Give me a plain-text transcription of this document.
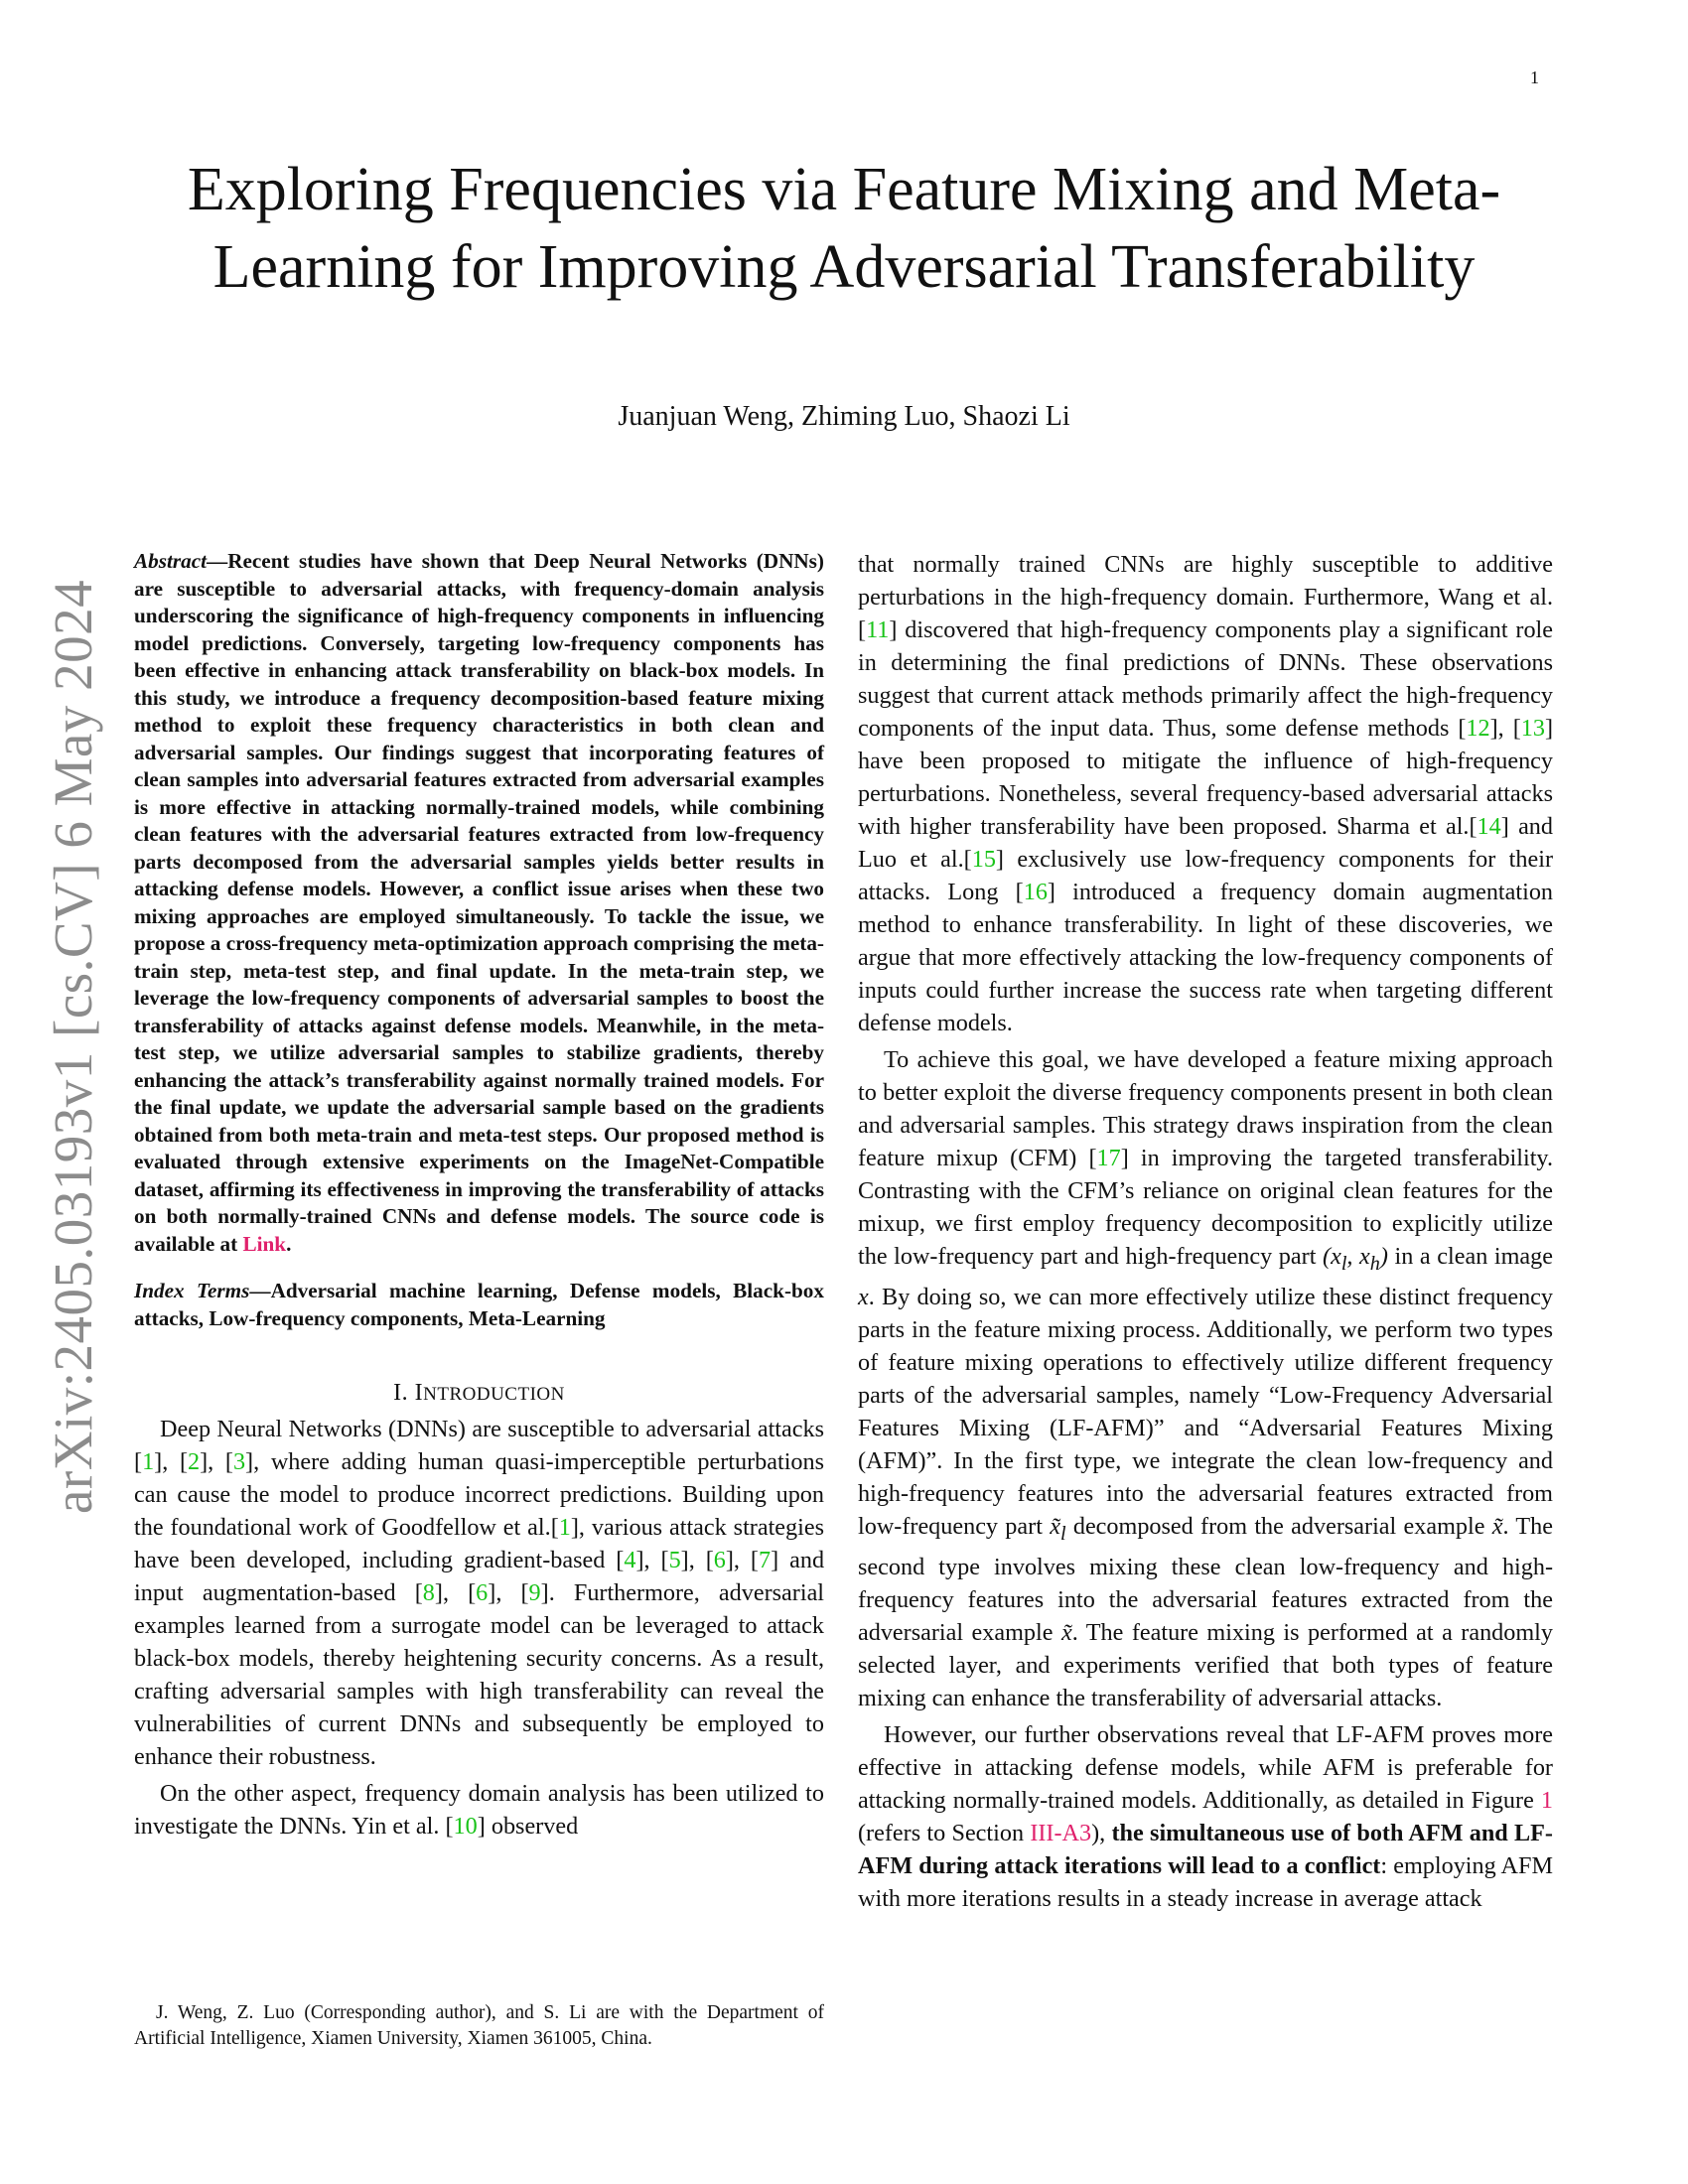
1
arXiv:2405.03193v1 [cs.CV] 6 May 2024
Exploring Frequencies via Feature Mixing and Meta-Learning for Improving Adversarial Transferability
Juanjuan Weng, Zhiming Luo, Shaozi Li

Abstract—Recent studies have shown that Deep Neural Networks (DNNs) are susceptible to adversarial attacks, with frequency-domain analysis underscoring the significance of high-frequency components in influencing model predictions. Conversely, targeting low-frequency components has been effective in enhancing attack transferability on black-box models. In this study, we introduce a frequency decomposition-based feature mixing method to exploit these frequency characteristics in both clean and adversarial samples. Our findings suggest that incorporating features of clean samples into adversarial features extracted from adversarial examples is more effective in attacking normally-trained models, while combining clean features with the adversarial features extracted from low-frequency parts decomposed from the adversarial samples yields better results in attacking defense models. However, a conflict issue arises when these two mixing approaches are employed simultaneously. To tackle the issue, we propose a cross-frequency meta-optimization approach comprising the meta-train step, meta-test step, and final update. In the meta-train step, we leverage the low-frequency components of adversarial samples to boost the transferability of attacks against defense models. Meanwhile, in the meta-test step, we utilize adversarial samples to stabilize gradients, thereby enhancing the attack’s transferability against normally trained models. For the final update, we update the adversarial sample based on the gradients obtained from both meta-train and meta-test steps. Our proposed method is evaluated through extensive experiments on the ImageNet-Compatible dataset, affirming its effectiveness in improving the transferability of attacks on both normally-trained CNNs and defense models. The source code is available at Link.

Index Terms—Adversarial machine learning, Defense models, Black-box attacks, Low-frequency components, Meta-Learning

I. INTRODUCTION

Deep Neural Networks (DNNs) are susceptible to adversarial attacks [1], [2], [3], where adding human quasi-imperceptible perturbations can cause the model to produce incorrect predictions. Building upon the foundational work of Goodfellow et al.[1], various attack strategies have been developed, including gradient-based [4], [5], [6], [7] and input augmentation-based [8], [6], [9]. Furthermore, adversarial examples learned from a surrogate model can be leveraged to attack black-box models, thereby heightening security concerns. As a result, crafting adversarial samples with high transferability can reveal the vulnerabilities of current DNNs and subsequently be employed to enhance their robustness.

On the other aspect, frequency domain analysis has been utilized to investigate the DNNs. Yin et al. [10] observed

J. Weng, Z. Luo (Corresponding author), and S. Li are with the Department of Artificial Intelligence, Xiamen University, Xiamen 361005, China.

that normally trained CNNs are highly susceptible to additive perturbations in the high-frequency domain. Furthermore, Wang et al. [11] discovered that high-frequency components play a significant role in determining the final predictions of DNNs. These observations suggest that current attack methods primarily affect the high-frequency components of the input data. Thus, some defense methods [12], [13] have been proposed to mitigate the influence of high-frequency perturbations. Nonetheless, several frequency-based adversarial attacks with higher transferability have been proposed. Sharma et al.[14] and Luo et al.[15] exclusively use low-frequency components for their attacks. Long [16] introduced a frequency domain augmentation method to enhance transferability. In light of these discoveries, we argue that more effectively attacking the low-frequency components of inputs could further increase the success rate when targeting different defense models.

To achieve this goal, we have developed a feature mixing approach to better exploit the diverse frequency components present in both clean and adversarial samples. This strategy draws inspiration from the clean feature mixup (CFM) [17] in improving the targeted transferability. Contrasting with the CFM’s reliance on original clean features for the mixup, we first employ frequency decomposition to explicitly utilize the low-frequency part and high-frequency part ($x_l$, $x_h$) in a clean image x. By doing so, we can more effectively utilize these distinct frequency parts in the feature mixing process. Additionally, we perform two types of feature mixing operations to effectively utilize different frequency parts of the adversarial samples, namely “Low-Frequency Adversarial Features Mixing (LF-AFM)” and “Adversarial Features Mixing (AFM)”. In the first type, we integrate the clean low-frequency and high-frequency features into the adversarial features extracted from low-frequency part $x̃_l$ decomposed from the adversarial example x̃. The second type involves mixing these clean low-frequency and high-frequency features into the adversarial features extracted from the adversarial example x̃. The feature mixing is performed at a randomly selected layer, and experiments verified that both types of feature mixing can enhance the transferability of adversarial attacks.

However, our further observations reveal that LF-AFM proves more effective in attacking defense models, while AFM is preferable for attacking normally-trained models. Additionally, as detailed in Figure 1 (refers to Section III-A3), the simultaneous use of both AFM and LF-AFM during attack iterations will lead to a conflict: employing AFM with more iterations results in a steady increase in average attack
